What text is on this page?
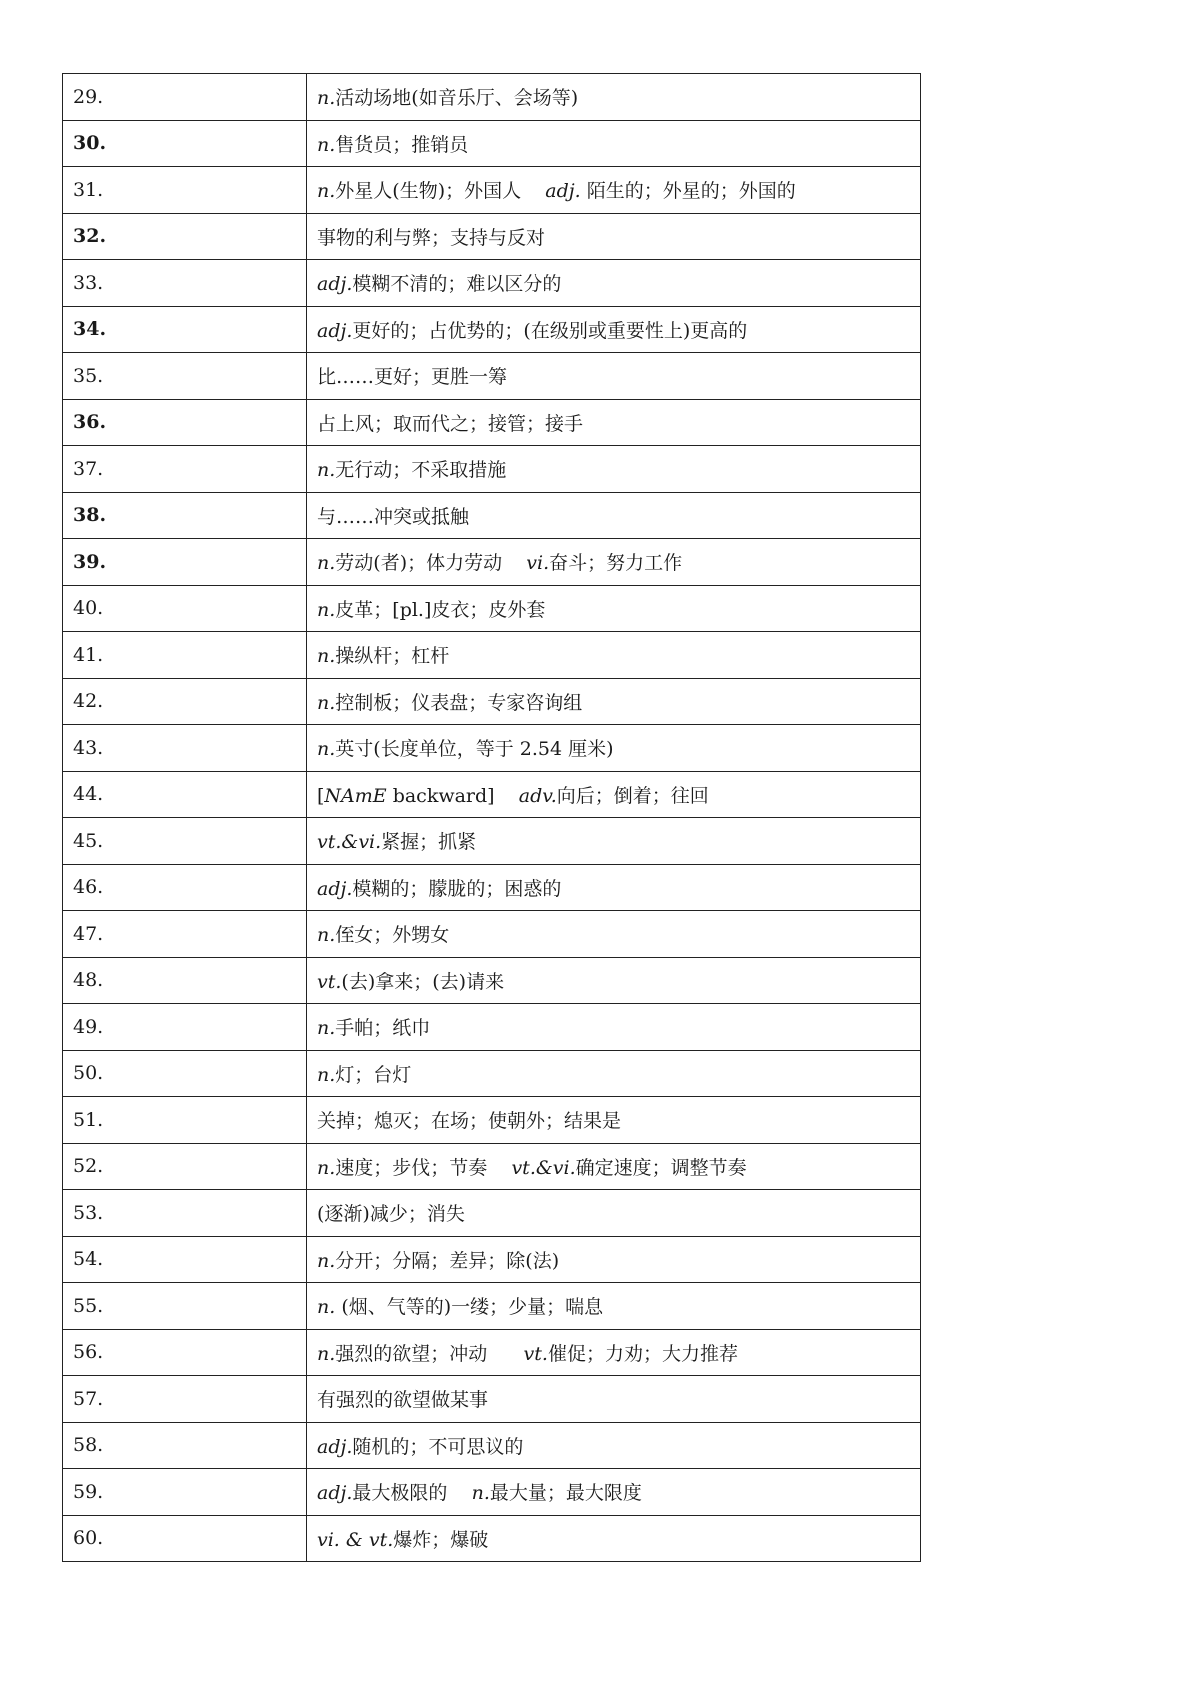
29.	n.活动场地(如音乐厅、会场等)
30.	n.售货员；推销员
31.	n.外星人(生物)；外国人    adj. 陌生的；外星的；外国的
32.	事物的利与弊；支持与反对
33.	adj.模糊不清的；难以区分的
34.	adj.更好的；占优势的；(在级别或重要性上)更高的
35.	比……更好；更胜一筹
36.	占上风；取而代之；接管；接手
37.	n.无行动；不采取措施
38.	与……冲突或抵触
39.	n.劳动(者)；体力劳动    vi.奋斗；努力工作
40.	n.皮革；[pl.]皮衣；皮外套
41.	n.操纵杆；杠杆
42.	n.控制板；仪表盘；专家咨询组
43.	n.英寸(长度单位，等于 2.54 厘米)
44.	[NAmE backward]    adv.向后；倒着；往回
45.	vt.&vi.紧握；抓紧
46.	adj.模糊的；朦胧的；困惑的
47.	n.侄女；外甥女
48.	vt.(去)拿来；(去)请来
49.	n.手帕；纸巾
50.	n.灯；台灯
51.	关掉；熄灭；在场；使朝外；结果是
52.	n.速度；步伐；节奏    vt.&vi.确定速度；调整节奏
53.	(逐渐)减少；消失
54.	n.分开；分隔；差异；除(法)
55.	n. (烟、气等的)一缕；少量；喘息
56.	n.强烈的欲望；冲动      vt.催促；力劝；大力推荐
57.	有强烈的欲望做某事
58.	adj.随机的；不可思议的
59.	adj.最大极限的    n.最大量；最大限度
60.	vi. & vt.爆炸；爆破
